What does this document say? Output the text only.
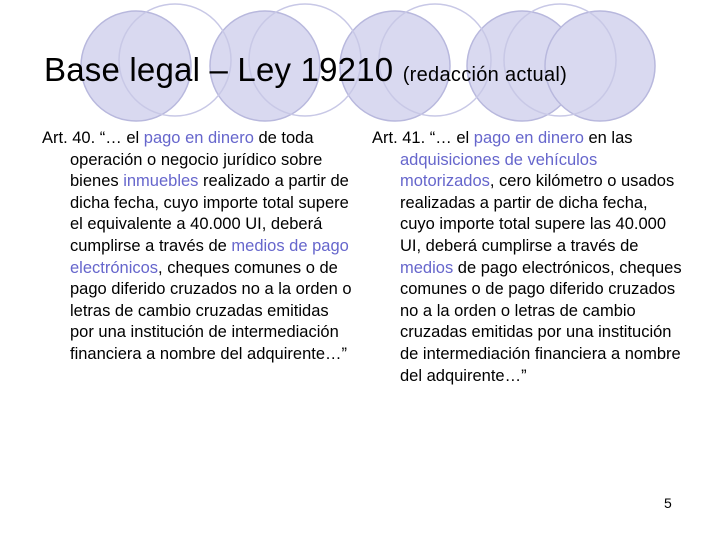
Base legal – Ley 19210 (redacción actual)

Art. 40. “… el pago en dinero de toda operación o negocio jurídico sobre bienes inmuebles realizado a partir de dicha fecha, cuyo importe total supere el equivalente a 40.000 UI, deberá cumplirse a través de medios de pago electrónicos, cheques comunes o de pago diferido cruzados no a la orden o letras de cambio cruzadas emitidas por una institución de intermediación financiera a nombre del adquirente…”

Art. 41. “… el pago en dinero en las adquisiciones de vehículos motorizados, cero kilómetro o usados realizadas a partir de dicha fecha, cuyo importe total supere las 40.000 UI, deberá cumplirse a través de medios de pago electrónicos, cheques comunes o de pago diferido cruzados no a la orden o letras de cambio cruzadas emitidas por una institución de intermediación financiera a nombre del adquirente…”

5
